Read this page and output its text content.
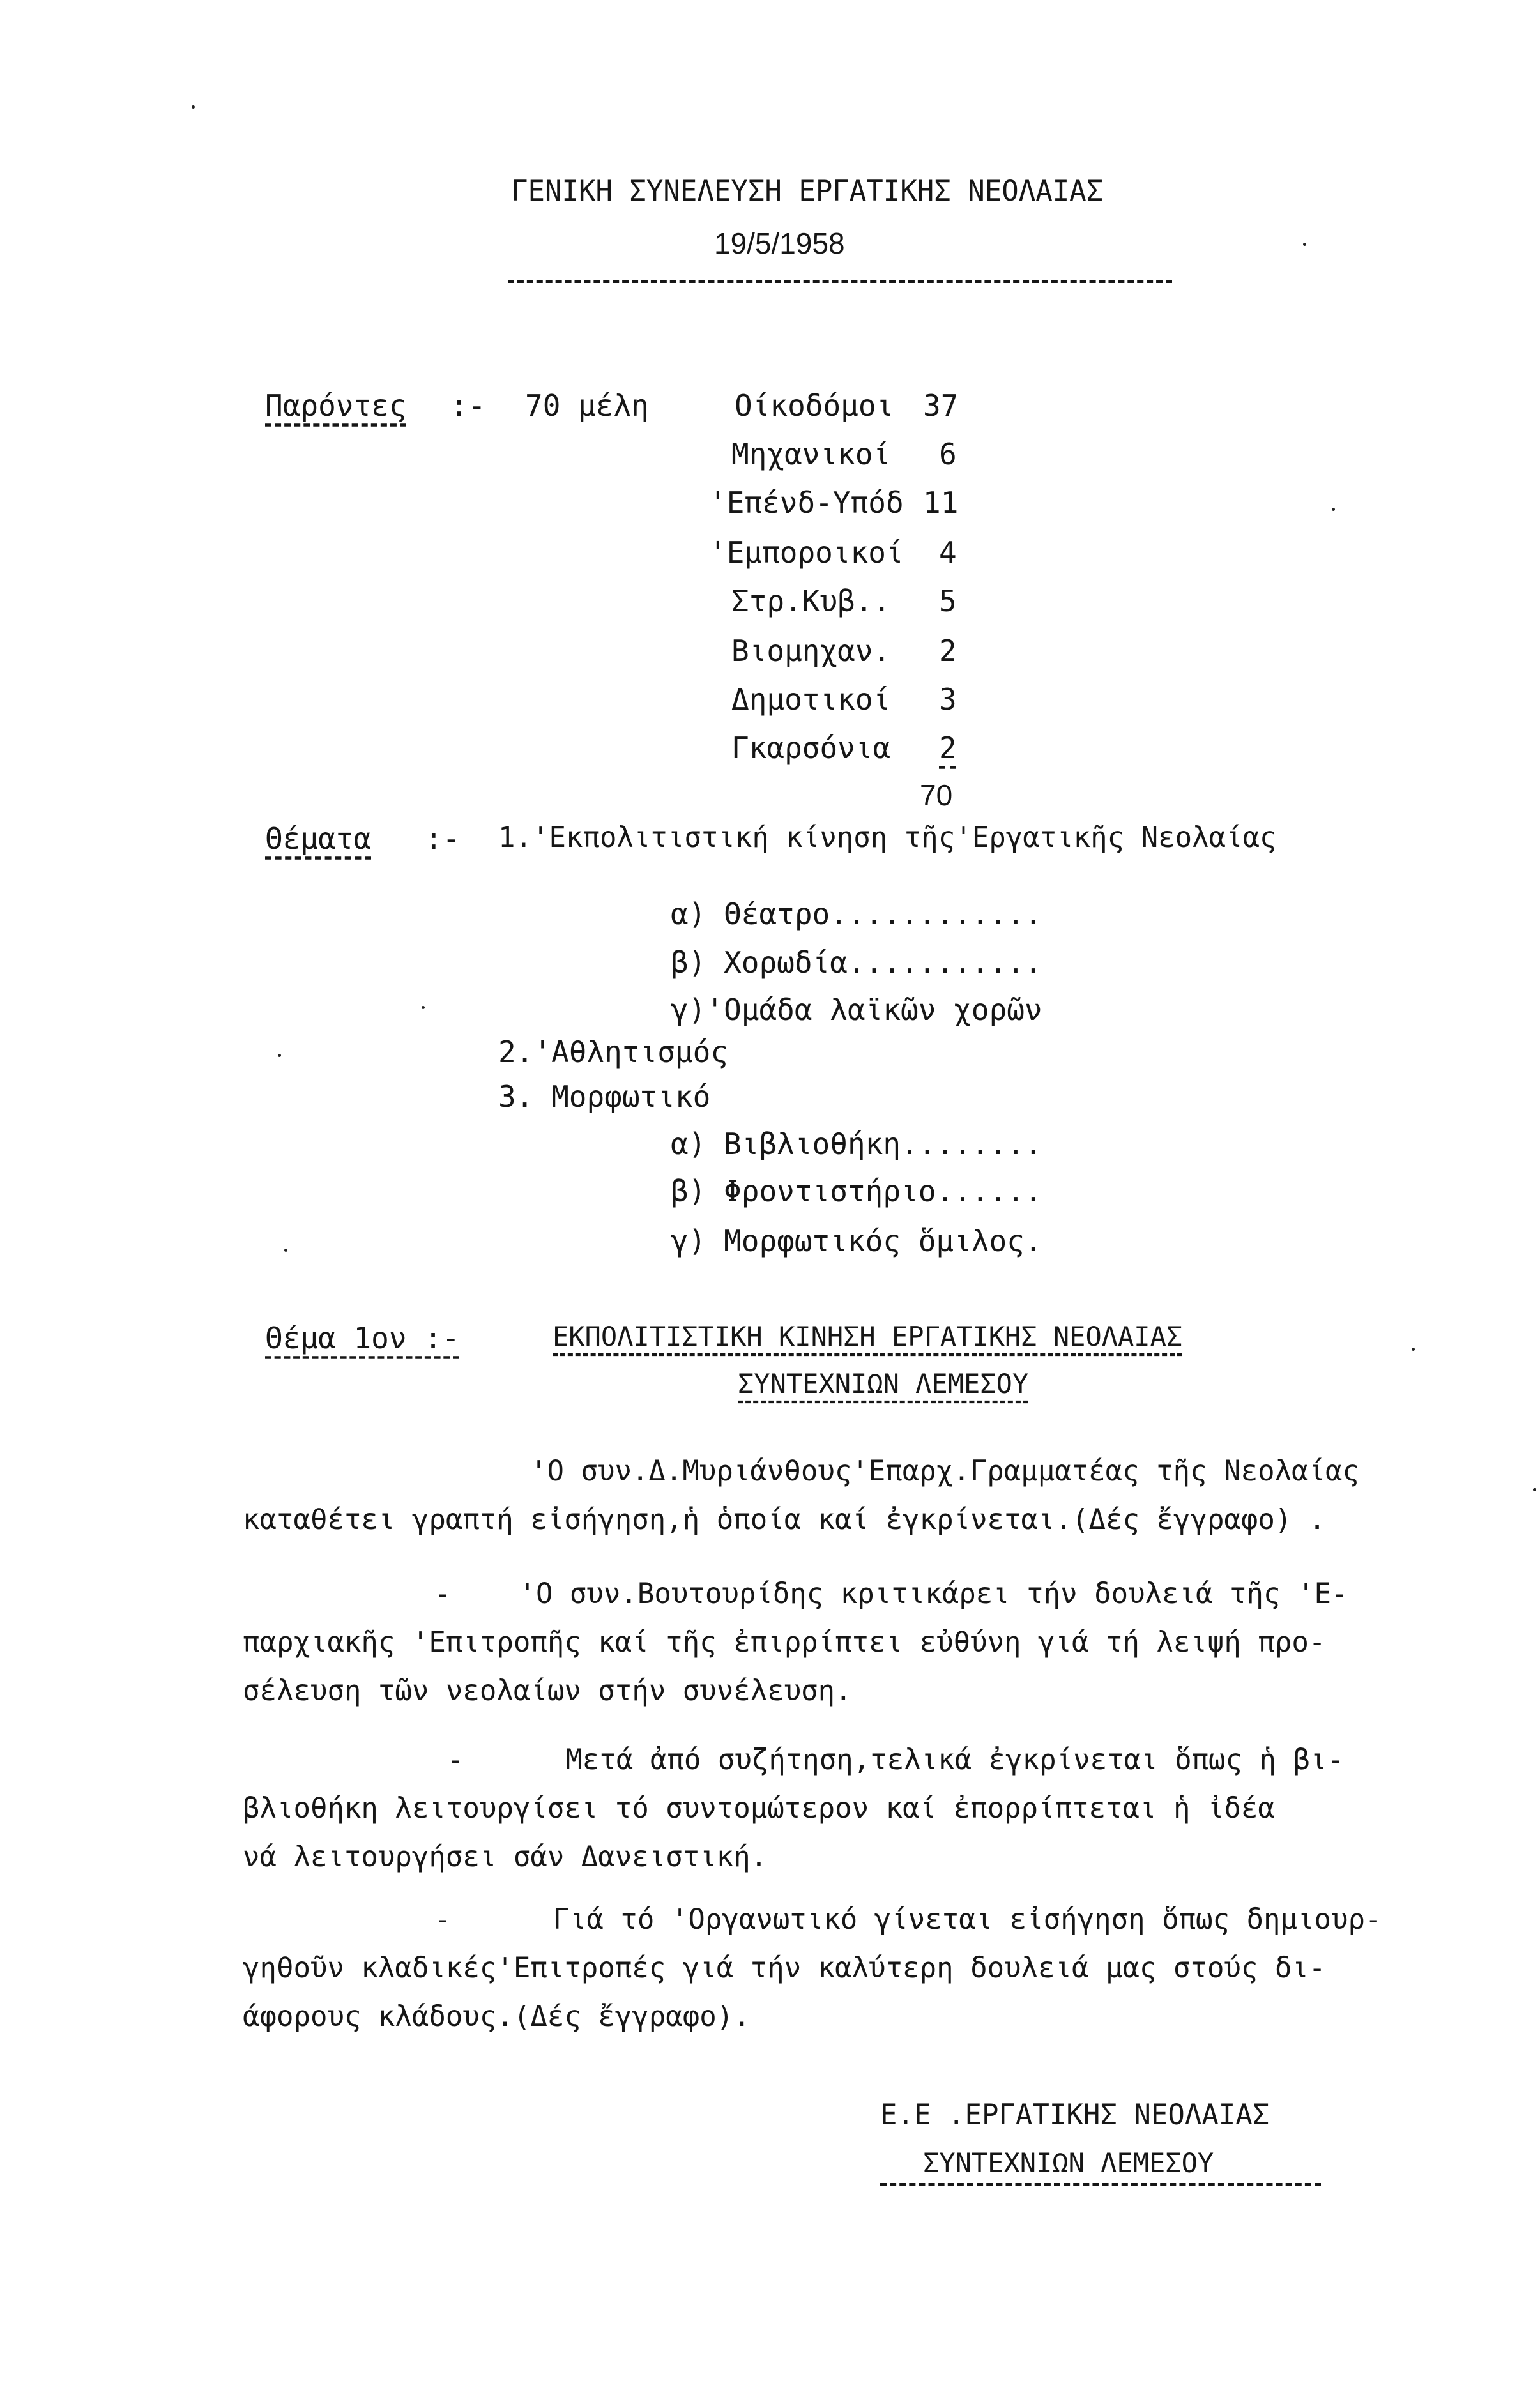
ΓΕΝΙΚΗ ΣΥΝΕΛΕΥΣΗ ΕΡΓΑΤΙΚΗΣ ΝΕΟΛΑΙΑΣ
19/5/1958
Παρόντες :- 70 μέλη	Οίκοδόμοι 37
Μηχανικοί 6
'Επένδ-Υπόδ 11
'Εμποροικοί 4
Στρ.Κυβ.. 5
Βιομηχαν. 2
Δημοτικοί 3
Γκαρσόνια 2
70
Θέματα :- 1.'Εκπολιτιστική κίνηση τῆς'Εργατικῆς Νεολαίας
α) Θέατρο............
β) Χορωδία...........
γ)'Ομάδα λαϊκῶν χορῶν
2.'Αθλητισμός
3. Μορφωτικό
α) Βιβλιοθήκη........
β) Φροντιστήριο......
γ) Μορφωτικός ὅμιλος.
Θέμα 1ον :-	ΕΚΠΟΛΙΤΙΣΤΙΚΗ ΚΙΝΗΣΗ ΕΡΓΑΤΙΚΗΣ ΝΕΟΛΑΙΑΣ
ΣΥΝΤΕΧΝΙΩΝ ΛΕΜΕΣΟΥ
'Ο συν.Δ.Μυριάνθους'Επαρχ.Γραμματέας τῆς Νεολαίας
καταθέτει γραπτή εἰσήγηση,ἡ ὁποία καί ἐγκρίνεται.(Δές ἔγγραφο) .
-    'Ο συν.Βουτουρίδης κριτικάρει τήν δουλειά τῆς 'Ε-
παρχιακῆς 'Επιτροπῆς καί τῆς ἐπιρρίπτει εὐθύνη γιά τή λειψή προ-
σέλευση τῶν νεολαίων στήν συνέλευση.
-      Μετά ἀπό συζήτηση,τελικά ἐγκρίνεται ὅπως ἡ βι-
βλιοθήκη λειτουργίσει τό συντομώτερον καί ἐπορρίπτεται ἡ ἰδέα
νά λειτουργήσει σάν Δανειστική.
-      Γιά τό 'Οργανωτικό γίνεται εἰσήγηση ὅπως δημιουρ-
γηθοῦν κλαδικές'Επιτροπές γιά τήν καλύτερη δουλειά μας στούς δι-
άφορους κλάδους.(Δές ἔγγραφο).
Ε.Ε .ΕΡΓΑΤΙΚΗΣ ΝΕΟΛΑΙΑΣ
ΣΥΝΤΕΧΝΙΩΝ ΛΕΜΕΣΟΥ
